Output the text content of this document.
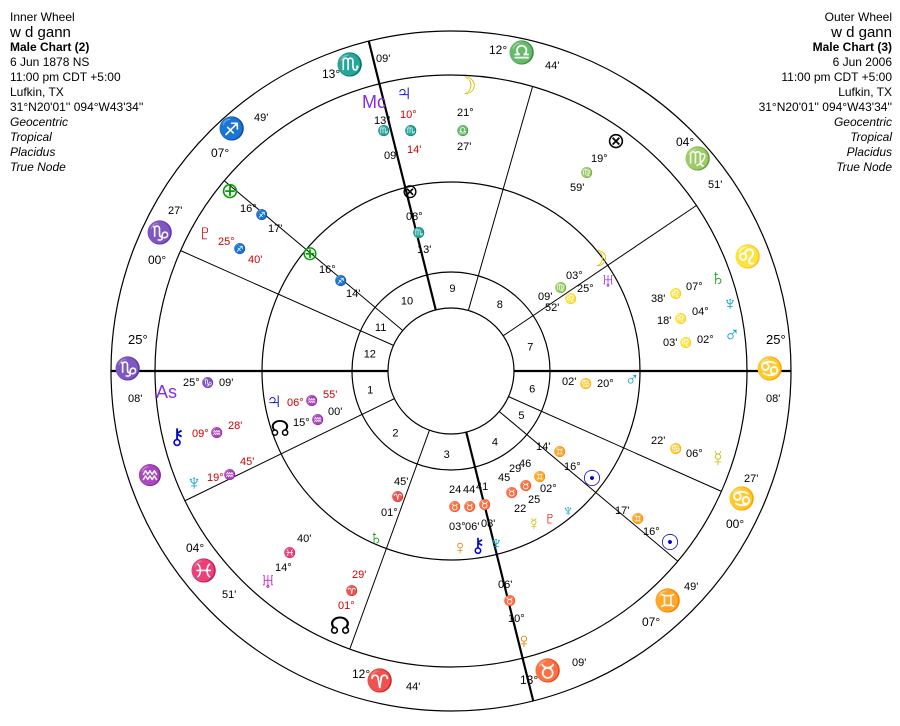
Inner Wheel
w d gann
Male Chart (2)
6 Jun 1878 NS
11:00 pm CDT +5:00
Lufkin, TX
31°N20'01'' 094°W43'34''
Geocentric
Tropical
Placidus
True Node
Outer Wheel
w d gann
Male Chart (3)
6 Jun 2006
11:00 pm CDT +5:00
Lufkin, TX
31°N20'01'' 094°W43'34''
Geocentric
Tropical
Placidus
True Node
1
2
3
4
5
6
7
8
9
10
11
12
12°
44'
13°
09'
04°
51'
49'
07°
27'
00°
25°
08'
25°
08'
27'
00°
04°
51'
49'
07°
12°
44'	13°
09'
Mc
13°
09'
10°
14'
21°
27'
19°
59'
08°
13'
16°
17'
25°
40'
16°
14'
03°
25°
09'
52'
07°
38'
04°
18'
02°
03'
02' 20°
22'
06°
As 25° 09'
06°
55'
15°
00'
09°
28'
19°
45'
45'
01°
24
03°
44
06'
41
08'
45
29
46
14'
16°
22
25
02°
17'
16°
40'
14°
29'
01°
06'
10°
♏	♎
♍
♌
♋
♋
♊
♉
♈
♓
♒
♑
♑
♐
♃ ☽
⊗
⊗
⊕
⊕
♇
☽
♅	♄
♆
♂
♂
☿
♃
☊
⚷
♆	☉
☉
☿ ♇ ♆
♄	♀ ⚷ ♆
♅
♀
☊
♐
♐
♐
♏ ♏
♏
♎
♍
♍
♌	♌
♌
♌
♋
♋
♑
♒
♒
♒
♒
♈
♈
♓
♉ ♉ ♉
♉
♉
♉
♊
♊
♊
